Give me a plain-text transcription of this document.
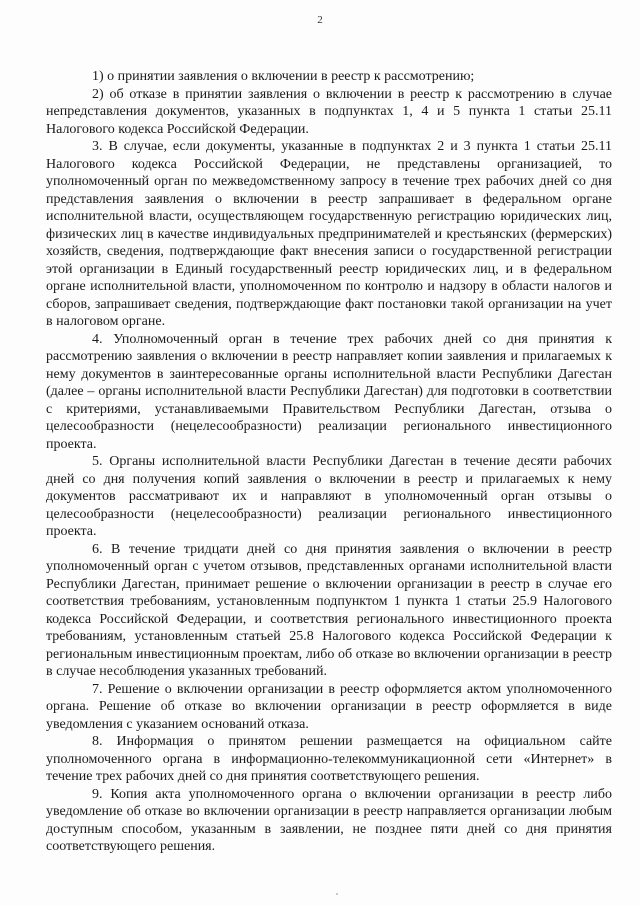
2

1) о принятии заявления о включении в реестр к рассмотрению;

2) об отказе в принятии заявления о включении в реестр к рассмотрению в случае непредставления документов, указанных в подпунктах 1, 4 и 5 пункта 1 статьи 25.11 Налогового кодекса Российской Федерации.

3. В случае, если документы, указанные в подпунктах 2 и 3 пункта 1 статьи 25.11 Налогового кодекса Российской Федерации, не представлены организацией, то уполномоченный орган по межведомственному запросу в течение трех рабочих дней со дня представления заявления о включении в реестр запрашивает в федеральном органе исполнительной власти, осуществляющем государственную регистрацию юридических лиц, физических лиц в качестве индивидуальных предпринимателей и крестьянских (фермерских) хозяйств, сведения, подтверждающие факт внесения записи о государственной регистрации этой организации в Единый государственный реестр юридических лиц, и в федеральном органе исполнительной власти, уполномоченном по контролю и надзору в области налогов и сборов, запрашивает сведения, подтверждающие факт постановки такой организации на учет в налоговом органе.

4. Уполномоченный орган в течение трех рабочих дней со дня принятия к рассмотрению заявления о включении в реестр направляет копии заявления и прилагаемых к нему документов в заинтересованные органы исполнительной власти Республики Дагестан (далее – органы исполнительной власти Республики Дагестан) для подготовки в соответствии с критериями, устанавливаемыми Правительством Республики Дагестан, отзыва о целесообразности (нецелесообразности) реализации регионального инвестиционного проекта.

5. Органы исполнительной власти Республики Дагестан в течение десяти рабочих дней со дня получения копий заявления о включении в реестр и прилагаемых к нему документов рассматривают их и направляют в уполномоченный орган отзывы о целесообразности (нецелесообразности) реализации регионального инвестиционного проекта.

6. В течение тридцати дней со дня принятия заявления о включении в реестр уполномоченный орган с учетом отзывов, представленных органами исполнительной власти Республики Дагестан, принимает решение о включении организации в реестр в случае его соответствия требованиям, установленным подпунктом 1 пункта 1 статьи 25.9 Налогового кодекса Российской Федерации, и соответствия регионального инвестиционного проекта требованиям, установленным статьей 25.8 Налогового кодекса Российской Федерации к региональным инвестиционным проектам, либо об отказе во включении организации в реестр в случае несоблюдения указанных требований.

7. Решение о включении организации в реестр оформляется актом уполномоченного органа. Решение об отказе во включении организации в реестр оформляется в виде уведомления с указанием оснований отказа.

8. Информация о принятом решении размещается на официальном сайте уполномоченного органа в информационно-телекоммуникационной сети «Интернет» в течение трех рабочих дней со дня принятия соответствующего решения.

9. Копия акта уполномоченного органа о включении организации в реестр либо уведомление об отказе во включении организации в реестр направляется организации любым доступным способом, указанным в заявлении, не позднее пяти дней со дня принятия соответствующего решения.
